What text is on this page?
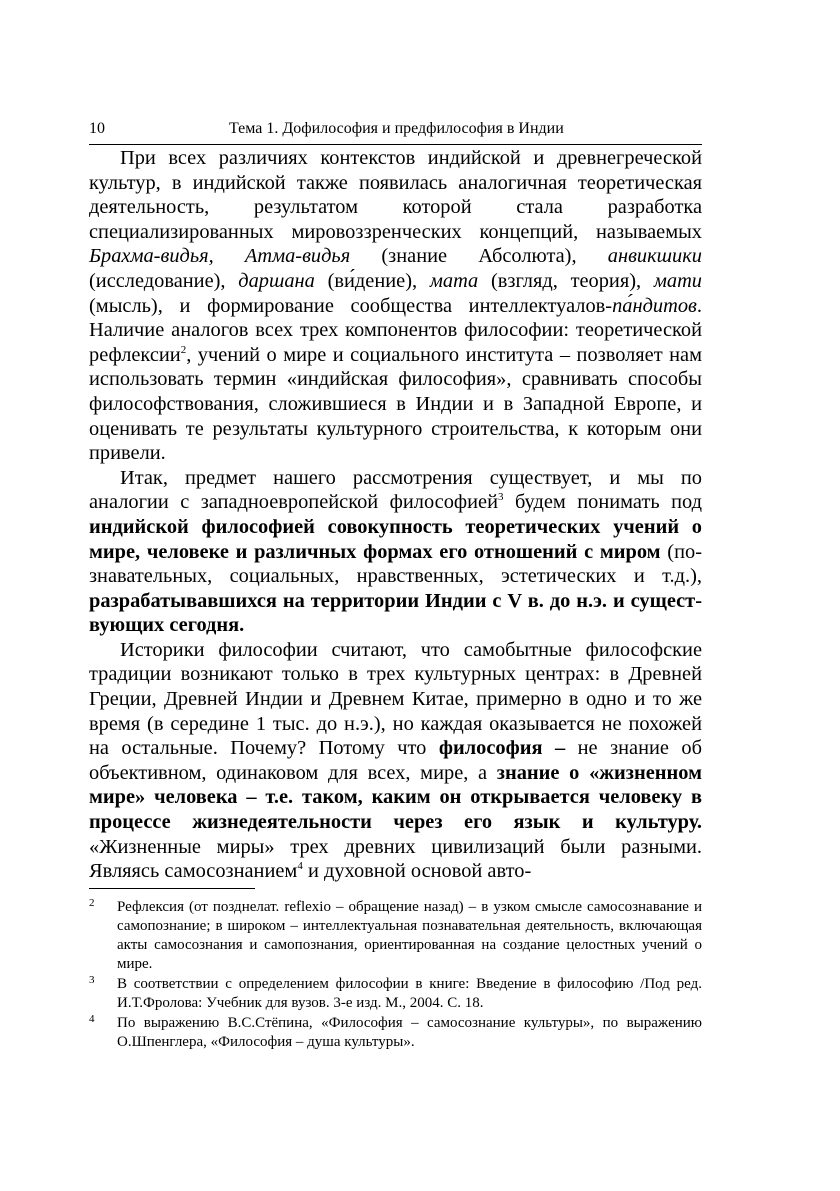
10	Тема 1. Дофилософия и предфилософия в Индии

При всех различиях контекстов индийской и древнегреческой культур, в индийской также появилась аналогичная теоретическая деятельность, результатом которой стала разработка специализированных мировоззренческих концепций, называемых Брахма-видья, Атма-видья (знание Абсолюта), анвикшики (исследование), даршана (ви́дение), мата (взгляд, теория), мати (мысль), и формирование сообщества интеллектуалов-па́ндитов. Наличие аналогов всех трех компонентов философии: теоретической рефлексии$^2$, учений о мире и социального института – позволяет нам использовать термин «индийская философия», сравнивать способы философствования, сложившиеся в Индии и в Западной Европе, и оценивать те результаты культурного строительства, к которым они привели.

Итак, предмет нашего рассмотрения существует, и мы по аналогии с западноевропейской философией$^3$ будем понимать под индийской философией совокупность теоретических учений о мире, человеке и различных формах его отношений с миром (познавательных, социальных, нравственных, эстетических и т.д.), разрабатывавшихся на территории Индии с V в. до н.э. и существующих сегодня.

Историки философии считают, что самобытные философские традиции возникают только в трех культурных центрах: в Древней Греции, Древней Индии и Древнем Китае, примерно в одно и то же время (в середине 1 тыс. до н.э.), но каждая оказывается не похожей на остальные. Почему? Потому что философия – не знание об объективном, одинаковом для всех, мире, а знание о «жизненном мире» человека – т.е. таком, каким он открывается человеку в процессе жизнедеятельности через его язык и культуру. «Жизненные миры» трех древних цивилизаций были разными. Являясь самосознанием$^4$ и духовной основой авто-

2 Рефлексия (от позднелат. reflexio – обращение назад) – в узком смысле самосознавание и самопознание; в широком – интеллектуальная познавательная деятельность, включающая акты самосознания и самопознания, ориентированная на создание целостных учений о мире.
3 В соответствии с определением философии в книге: Введение в философию /Под ред. И.Т.Фролова: Учебник для вузов. 3-е изд. М., 2004. С. 18.
4 По выражению В.С.Стёпина, «Философия – самосознание культуры», по выражению О.Шпенглера, «Философия – душа культуры».
